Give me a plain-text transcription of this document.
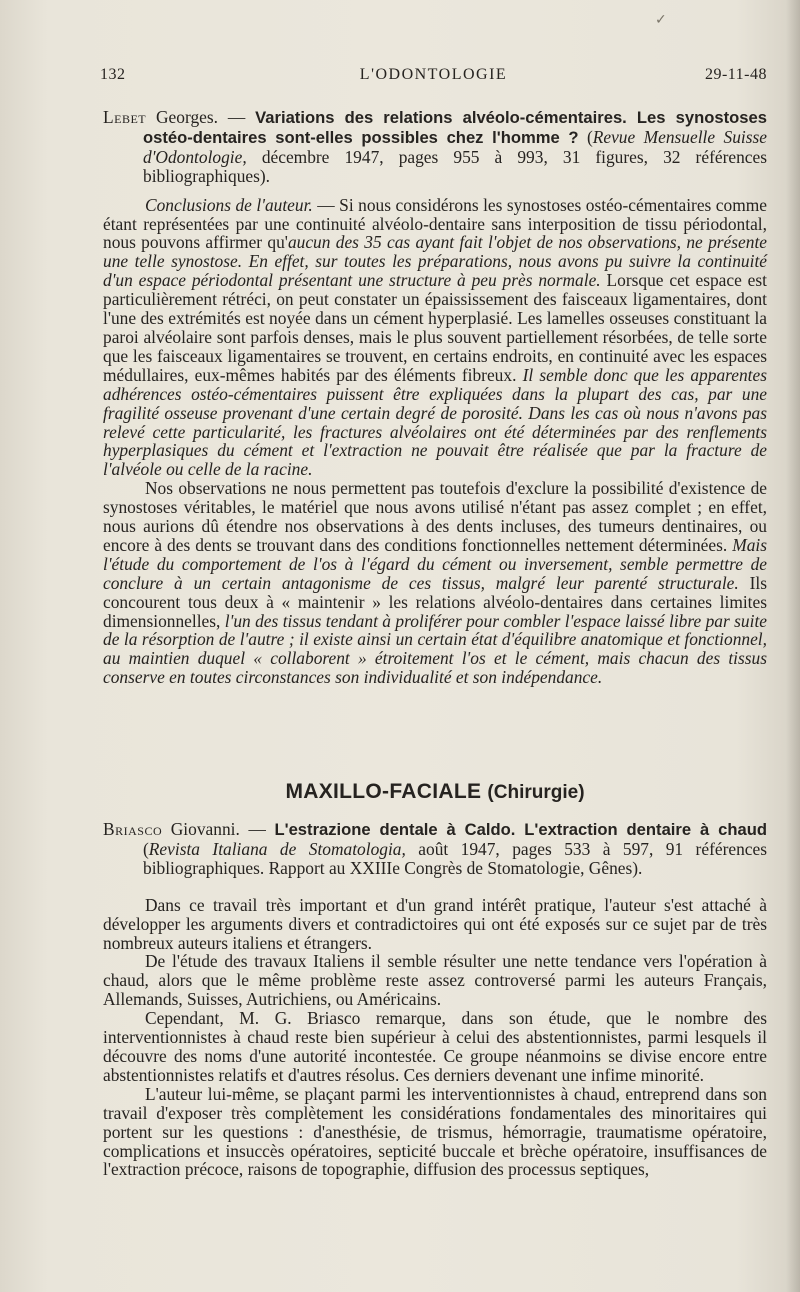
✓
132	L'ODONTOLOGIE	29-11-48

Lebet Georges. — Variations des relations alvéolo-cémentaires. Les synostoses ostéo-dentaires sont-elles possibles chez l'homme ? (Revue Mensuelle Suisse d'Odontologie, décembre 1947, pages 955 à 993, 31 figures, 32 références bibliographiques).

Conclusions de l'auteur. — Si nous considérons les synostoses ostéo-cémentaires comme étant représentées par une continuité alvéolo-dentaire sans interposition de tissu périodontal, nous pouvons affirmer qu'aucun des 35 cas ayant fait l'objet de nos observations, ne présente une telle synostose. En effet, sur toutes les préparations, nous avons pu suivre la continuité d'un espace périodontal présentant une structure à peu près normale. Lorsque cet espace est particulièrement rétréci, on peut constater un épaississement des faisceaux ligamentaires, dont l'une des extrémités est noyée dans un cément hyperplasié. Les lamelles osseuses constituant la paroi alvéolaire sont parfois denses, mais le plus souvent partiellement résorbées, de telle sorte que les faisceaux ligamentaires se trouvent, en certains endroits, en continuité avec les espaces médullaires, eux-mêmes habités par des éléments fibreux. Il semble donc que les apparentes adhérences ostéo-cémentaires puissent être expliquées dans la plupart des cas, par une fragilité osseuse provenant d'une certain degré de porosité. Dans les cas où nous n'avons pas relevé cette particularité, les fractures alvéolaires ont été déterminées par des renflements hyperplasiques du cément et l'extraction ne pouvait être réalisée que par la fracture de l'alvéole ou celle de la racine.

Nos observations ne nous permettent pas toutefois d'exclure la possibilité d'existence de synostoses véritables, le matériel que nous avons utilisé n'étant pas assez complet ; en effet, nous aurions dû étendre nos observations à des dents incluses, des tumeurs dentinaires, ou encore à des dents se trouvant dans des conditions fonctionnelles nettement déterminées. Mais l'étude du comportement de l'os à l'égard du cément ou inversement, semble permettre de conclure à un certain antagonisme de ces tissus, malgré leur parenté structurale. Ils concourent tous deux à « maintenir » les relations alvéolo-dentaires dans certaines limites dimensionnelles, l'un des tissus tendant à proliférer pour combler l'espace laissé libre par suite de la résorption de l'autre ; il existe ainsi un certain état d'équilibre anatomique et fonctionnel, au maintien duquel « collaborent » étroitement l'os et le cément, mais chacun des tissus conserve en toutes circonstances son individualité et son indépendance.

MAXILLO-FACIALE (Chirurgie)

Briasco Giovanni. — L'estrazione dentale à Caldo. L'extraction dentaire à chaud (Revista Italiana de Stomatologia, août 1947, pages 533 à 597, 91 références bibliographiques. Rapport au XXIIIe Congrès de Stomatologie, Gênes).

Dans ce travail très important et d'un grand intérêt pratique, l'auteur s'est attaché à développer les arguments divers et contradictoires qui ont été exposés sur ce sujet par de très nombreux auteurs italiens et étrangers.

De l'étude des travaux Italiens il semble résulter une nette tendance vers l'opération à chaud, alors que le même problème reste assez controversé parmi les auteurs Français, Allemands, Suisses, Autrichiens, ou Américains.

Cependant, M. G. Briasco remarque, dans son étude, que le nombre des interventionnistes à chaud reste bien supérieur à celui des abstentionnistes, parmi lesquels il découvre des noms d'une autorité incontestée. Ce groupe néanmoins se divise encore entre abstentionnistes relatifs et d'autres résolus. Ces derniers devenant une infime minorité.

L'auteur lui-même, se plaçant parmi les interventionnistes à chaud, entreprend dans son travail d'exposer très complètement les considérations fondamentales des minoritaires qui portent sur les questions : d'anesthésie, de trismus, hémorragie, traumatisme opératoire, complications et insuccès opératoires, septicité buccale et brèche opératoire, insuffisances de l'extraction précoce, raisons de topographie, diffusion des processus septiques,
